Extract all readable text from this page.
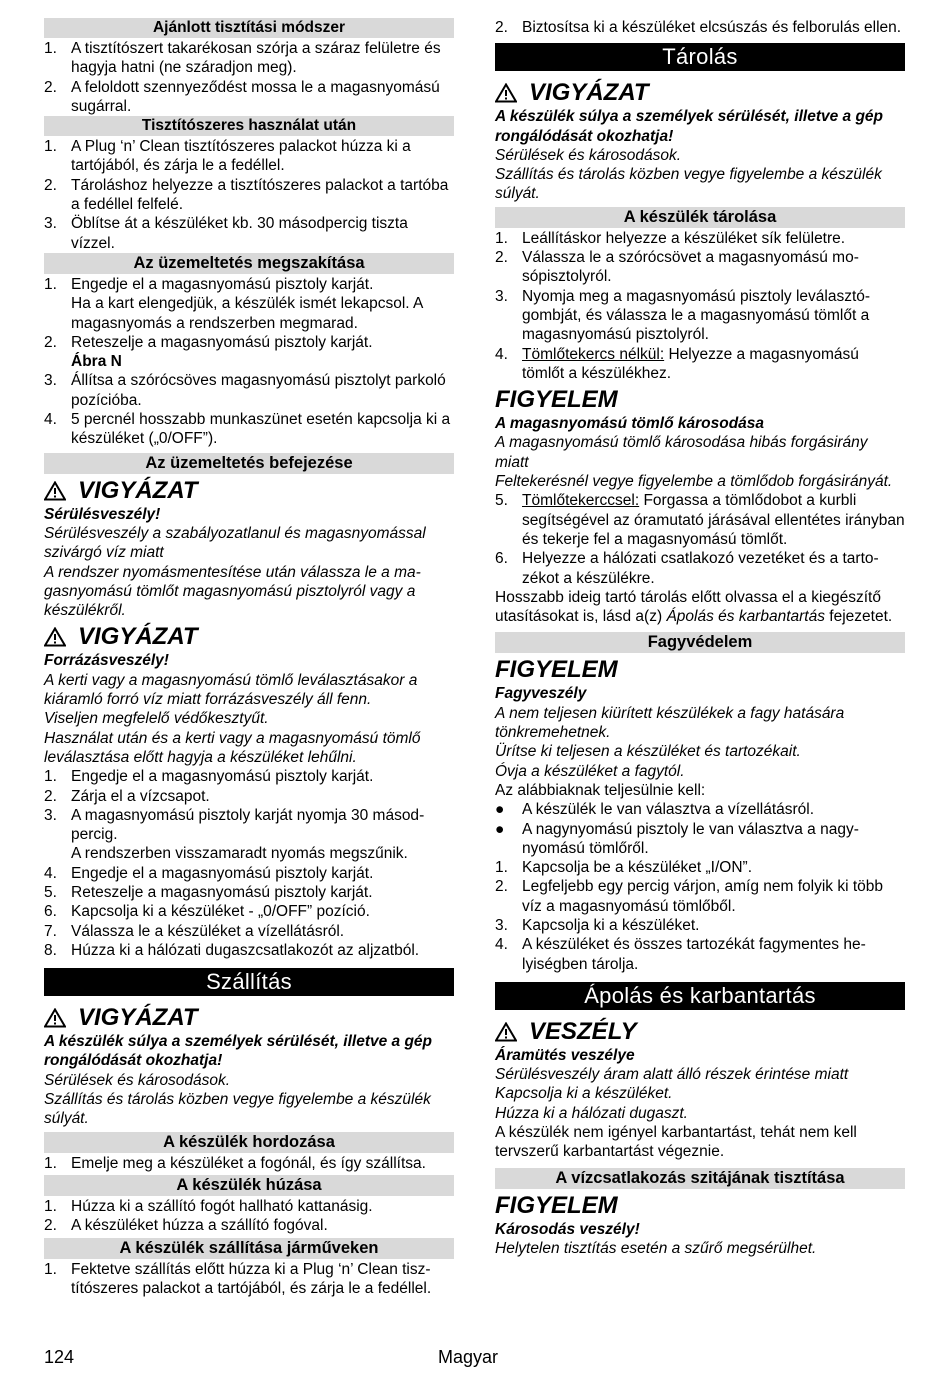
Ajánlott tisztítási módszer
1. A tisztítószert takarékosan szórja a száraz felületre és hagyja hatni (ne száradjon meg).
2. A feloldott szennyeződést mossa le a magasnyomású sugárral.
Tisztítószeres használat után
1. A Plug ‘n’ Clean tisztítószeres palackot húzza ki a tartójából, és zárja le a fedéllel.
2. Tároláshoz helyezze a tisztítószeres palackot a tartóba a fedéllel felfelé.
3. Öblítse át a készüléket kb. 30 másodpercig tiszta vízzel.
Az üzemeltetés megszakítása
1. Engedje el a magasnyomású pisztoly karját.
Ha a kart elengedjük, a készülék ismét lekapcsol. A magasnyomás a rendszerben megmarad.
2. Reteszelje a magasnyomású pisztoly karját.
Ábra N
3. Állítsa a szórócsöves magasnyomású pisztolyt parkoló pozícióba.
4. 5 percnél hosszabb munkaszünet esetén kapcsolja ki a készüléket („0/OFF”).
Az üzemeltetés befejezése
VIGYÁZAT

Sérülésveszély!

Sérülésveszély a szabályozatlanul és magasnyomással szivárgó víz miatt

A rendszer nyomásmentesítése után válassza le a magasnyomású tömlőt magasnyomású pisztolyról vagy a készülékről.

VIGYÁZAT

Forrázásveszély!

A kerti vagy a magasnyomású tömlő leválasztásakor a kiáramló forró víz miatt forrázásveszély áll fenn.

Viseljen megfelelő védőkesztyűt.

Használat után és a kerti vagy a magasnyomású tömlő leválasztása előtt hagyja a készüléket lehűlni.

1. Engedje el a magasnyomású pisztoly karját.
2. Zárja el a vízcsapot.
3. A magasnyomású pisztoly karját nyomja 30 másodpercig.
A rendszerben visszamaradt nyomás megszűnik.
4. Engedje el a magasnyomású pisztoly karját.
5. Reteszelje a magasnyomású pisztoly karját.
6. Kapcsolja ki a készüléket - „0/OFF” pozíció.
7. Válassza le a készüléket a vízellátásról.
8. Húzza ki a hálózati dugaszcsatlakozót az aljzatból.
Szállítás
VIGYÁZAT

A készülék súlya a személyek sérülését, illetve a gép rongálódását okozhatja!

Sérülések és károsodások.

Szállítás és tárolás közben vegye figyelembe a készülék súlyát.

A készülék hordozása
1. Emelje meg a készüléket a fogónál, és így szállítsa.
A készülék húzása
1. Húzza ki a szállító fogót hallható kattanásig.
2. A készüléket húzza a szállító fogóval.
A készülék szállítása járműveken
1. Fektetve szállítás előtt húzza ki a Plug ‘n’ Clean tisztítószeres palackot a tartójából, és zárja le a fedéllel.
2. Biztosítsa ki a készüléket elcsúszás és felborulás ellen.
Tárolás
VIGYÁZAT

A készülék súlya a személyek sérülését, illetve a gép rongálódását okozhatja!

Sérülések és károsodások.

Szállítás és tárolás közben vegye figyelembe a készülék súlyát.

A készülék tárolása
1. Leállításkor helyezze a készüléket sík felületre.
2. Válassza le a szórócsövet a magasnyomású mosópisztolyról.
3. Nyomja meg a magasnyomású pisztoly leválasztógombját, és válassza le a magasnyomású tömlőt a magasnyomású pisztolyról.
4. Tömlőtekercs nélkül: Helyezze a magasnyomású tömlőt a készülékhez.
FIGYELEM

A magasnyomású tömlő károsodása

A magasnyomású tömlő károsodása hibás forgásirány miatt

Feltekerésnél vegye figyelembe a tömlődob forgásirányát.

5. Tömlőtekerccsel: Forgassa a tömlődobot a kurbli segítségével az óramutató járásával ellentétes irányban és tekerje fel a magasnyomású tömlőt.
6. Helyezze a hálózati csatlakozó vezetéket és a tartozékot a készülékre.

Hosszabb ideig tartó tárolás előtt olvassa el a kiegészítő utasításokat is, lásd a(z) Ápolás és karbantartás fejezetet.

Fagyvédelem
FIGYELEM

Fagyveszély

A nem teljesen kiürített készülékek a fagy hatására tönkremehetnek.

Ürítse ki teljesen a készüléket és tartozékait.

Óvja a készüléket a fagytól.

Az alábbiaknak teljesülnie kell:

●	A készülék le van választva a vízellátásról.
●	A nagynyomású pisztoly le van választva a nagynyomású tömlőről.
1. Kapcsolja be a készüléket „I/ON”.
2. Legfeljebb egy percig várjon, amíg nem folyik ki több víz a magasnyomású tömlőből.
3. Kapcsolja ki a készüléket.
4. A készüléket és összes tartozékát fagymentes helyiségben tárolja.
Ápolás és karbantartás
VESZÉLY

Áramütés veszélye

Sérülésveszély áram alatt álló részek érintése miatt

Kapcsolja ki a készüléket.

Húzza ki a hálózati dugaszt.

A készülék nem igényel karbantartást, tehát nem kell tervszerű karbantartást végeznie.

A vízcsatlakozás szitájának tisztítása
FIGYELEM

Károsodás veszély!

Helytelen tisztítás esetén a szűrő megsérülhet.

124	Magyar
